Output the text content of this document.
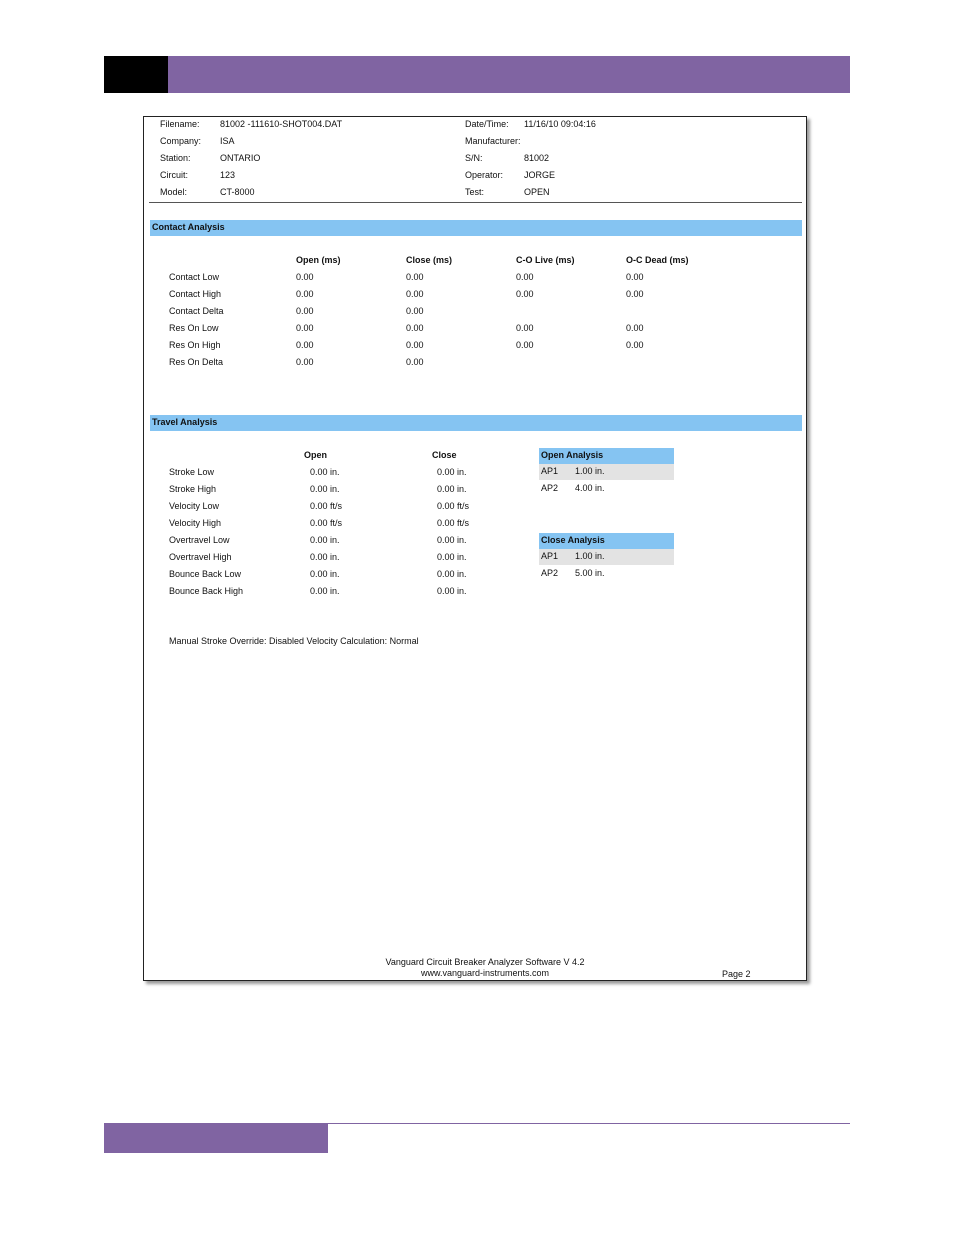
Filename: 81002 -111610-SHOT004.DAT	Date/Time: 11/16/10 09:04:16
Company: ISA	Manufacturer:
Station:	ONTARIO	S/N:	81002
Circuit:	123	Operator: JORGE
Model:	CT-8000	Test:	OPEN
Contact Analysis
Open (ms)	Close (ms)	C-O Live (ms)	O-C Dead (ms)
Contact Low	0.00	0.00	0.00	0.00
Contact High	0.00	0.00	0.00	0.00
Contact Delta	0.00	0.00
Res On Low	0.00	0.00	0.00	0.00
Res On High	0.00	0.00	0.00	0.00
Res On Delta	0.00	0.00
Travel Analysis
Open	Close
Stroke Low	0.00 in.	0.00 in.
Stroke High	0.00 in.	0.00 in.
Velocity Low	0.00 ft/s	0.00 ft/s
Velocity High	0.00 ft/s	0.00 ft/s
Overtravel Low	0.00 in.	0.00 in.
Overtravel High	0.00 in.	0.00 in.
Bounce Back Low	0.00 in.	0.00 in.
Bounce Back High	0.00 in.	0.00 in.
Open Analysis
AP1 1.00 in.
AP2 4.00 in.
Close Analysis
AP1 1.00 in.
AP2 5.00 in.
Manual Stroke Override: Disabled Velocity Calculation: Normal
Vanguard Circuit Breaker Analyzer Software V 4.2
www.vanguard-instruments.com	Page 2
